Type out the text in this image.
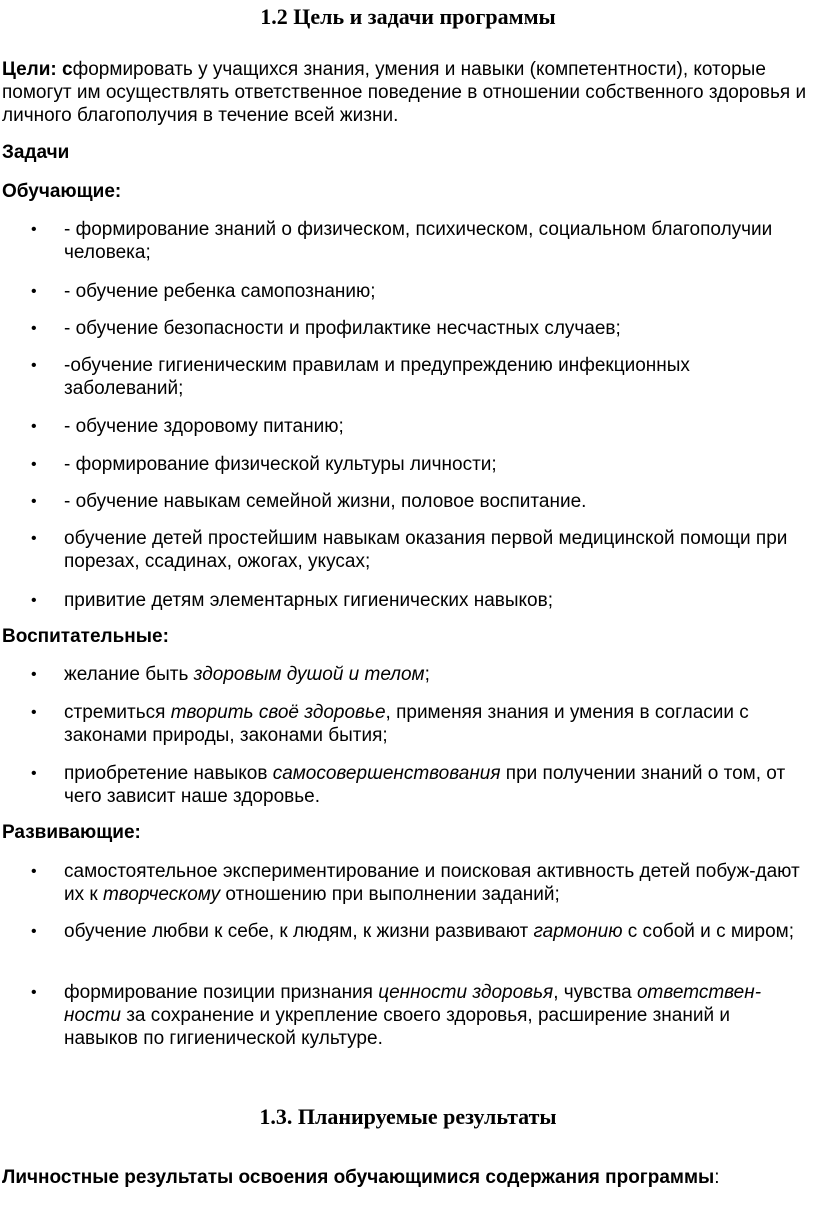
1.2 Цель и задачи программы

Цели: сформировать у учащихся знания, умения и навыки (компетентности), которые помогут им осуществлять ответственное поведение в отношении собственного здоровья и личного благополучия в течение всей жизни.

Задачи

Обучающие:

• - формирование знаний о физическом, психическом, социальном благополучии человека;
• - обучение ребенка самопознанию;
• - обучение безопасности и профилактике несчастных случаев;
• -обучение гигиеническим правилам и предупреждению инфекционных заболеваний;
• - обучение здоровому питанию;
• - формирование физической культуры личности;
• - обучение навыкам семейной жизни, половое воспитание.
• обучение детей простейшим навыкам оказания первой медицинской помощи при порезах, ссадинах, ожогах, укусах;
• привитие детям элементарных гигиенических навыков;

Воспитательные:

• желание быть здоровым душой и телом;
• стремиться творить своё здоровье, применяя знания и умения в согласии с законами природы, законами бытия;
• приобретение навыков самосовершенствования при получении знаний о том, от чего зависит наше здоровье.

Развивающие:

• самостоятельное экспериментирование и поисковая активность детей побуж-дают их к творческому отношению при выполнении заданий;
• обучение любви к себе, к людям, к жизни развивают гармонию с собой и с миром;
• формирование позиции признания ценности здоровья, чувства ответствен-ности за сохранение и укрепление своего здоровья, расширение знаний и навыков по гигиенической культуре.
1.3. Планируемые результаты

Личностные результаты освоения обучающимися содержания программы:
